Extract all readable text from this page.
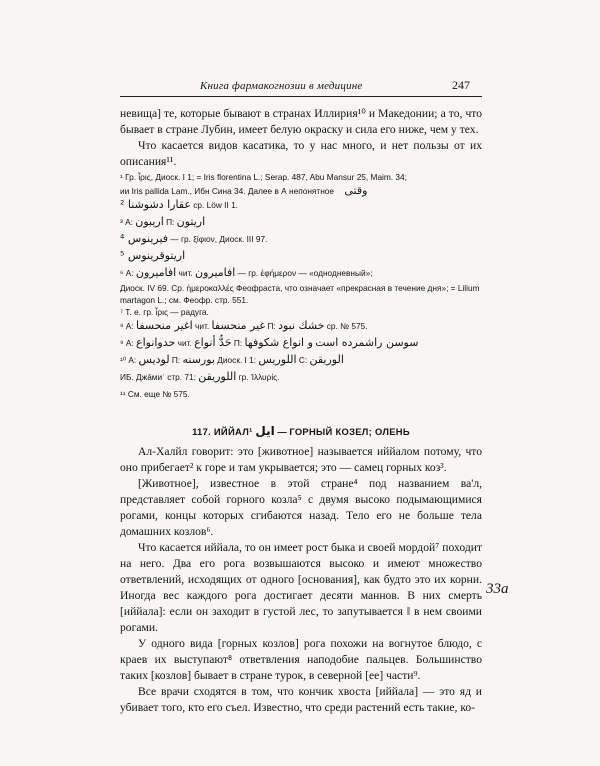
Книга фармакогнозии в медицине	247

невища] те, которые бывают в странах Иллирия¹⁰ и Македонии; а то, что бывает в стране Лубин, имеет белую окраску и сила его ниже, чем у тех.

Что касается видов касатика, то у нас много, и нет пользы от их описания¹¹.

¹ Гр. ἶρις, Диоск. I 1; = Iris florentina L.; Serap. 487, Abu Mansur 25, Maim. 34;
ии Iris pallida Lam., Ибн Сина 34. Далее в А непонятное وقتی
² عقارا دشوشنا ср. Löw II 1.
³ А: اريبون П: اريتون
⁴ فيرينوس — гр. ξίφιον, Диоск. III 97.
⁵ اريتوقرينوس
⁶ А: افاميرون чит. افاميرون — гр. ἐφήμερον — «однодневный»;
Диоск. IV 69. Ср. ἡμεροκαλλές Феофраста, что означает «прекрасная в течение дня»; = Lilium martagon L.; см. Феофр. стр. 551.
⁷ Т. е. гр. ἶρις — радуга.
⁸ А: اغير منحسفا чит. غير منحسفا П: خشك نبود ср. № 575.
⁹ А: حدوانواع чит. حَدُّ أنواع П:	سوسن راشمرده است و انواع شكوفها
¹⁰ А: لوديس П: بورسنه Диоск. I 1: اللوريس С: الوريقن
ИБ. Джāмиʿ стр. 71: اللوريقن гр. Ἰλλυρίς.
¹¹ См. еще № 575.
117. ИЙЙАЛ¹ ايل — ГОРНЫЙ КОЗЕЛ; ОЛЕНЬ

Ал-Халйл говорит: это [животное] называется иййалом потому, что оно прибегает² к горе и там укрывается; это — самец горных коз³.

[Животное], известное в этой стране⁴ под названием ва'л, представляет собой горного козла⁵ с двумя высоко подымающимися рогами, концы которых сгибаются назад. Тело его не больше тела домашних козлов⁶.

Что касается иййала, то он имеет рост быка и своей мордой⁷ походит на него. Два его рога возвышаются высоко и имеют множество ответвлений, исходящих от одного [основания], как будто это их корни. Иногда вес каждого рога достигает десяти маннов. В них смерть [иййала]: если он заходит в густой лес, то запутывается ‖ в нем своими рогами.

У одного вида [горных козлов] рога похожи на вогнутое блюдо, с краев их выступают⁸ ответвления наподобие пальцев. Большинство таких [козлов] бывает в стране турок, в северной [ее] части⁹.

Все врачи сходятся в том, что кончик хвоста [иййала] — это яд и убивает того, кто его съел. Известно, что среди растений есть такие, ко-

33a
